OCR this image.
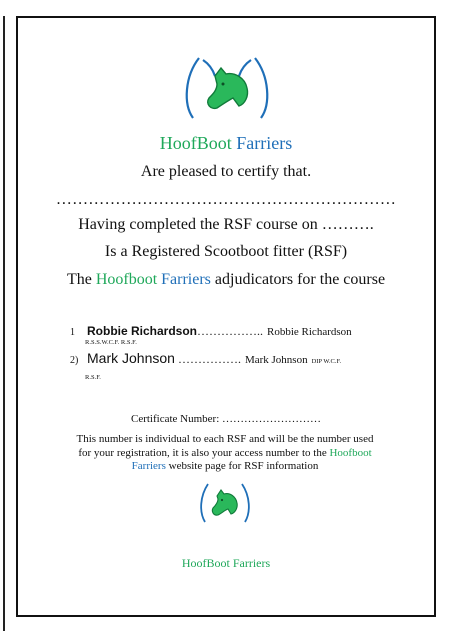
HoofBoot Farriers
Are pleased to certify that.
………………………………………………………
Having completed the RSF course on ……….
Is a Registered Scootboot fitter (RSF)
The Hoofboot Farriers adjudicators for the course
1 Robbie Richardson…………….. Robbie Richardson
R.S.S.W.C.F. R.S.F.
2) Mark Johnson ……………. Mark Johnson DIP W.C.F.
R.S.F.
Certificate Number: ………………………
This number is individual to each RSF and will be the number used
for your registration, it is also your access number to the Hoofboot
Farriers website page for RSF information
HoofBoot Farriers
